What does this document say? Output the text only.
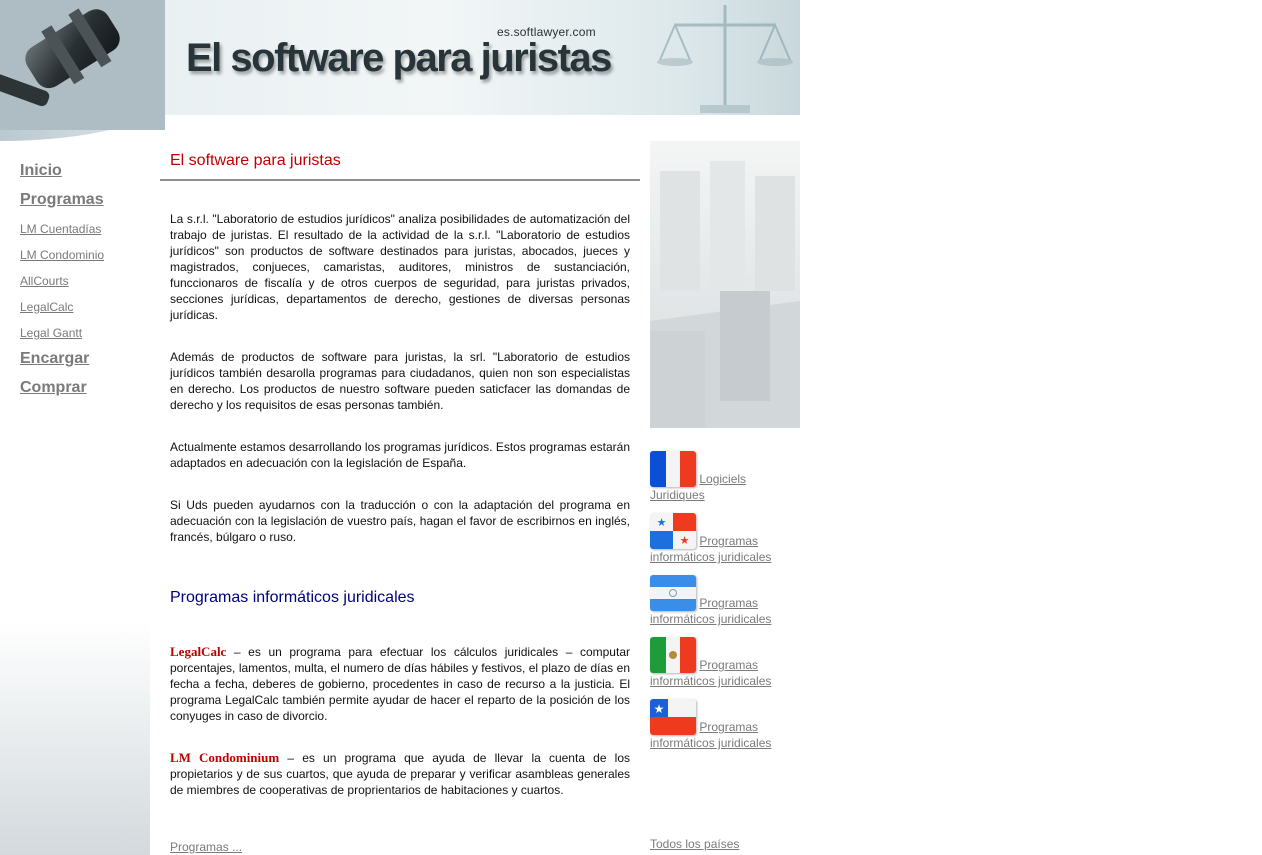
es.softlawyer.com
El software para juristas
Inicio
Programas
LM Cuentadías
LM Condominio
AllCourts
LegalCalc
Legal Gantt
Encargar
Comprar
El software para juristas

La s.r.l. "Laboratorio de estudios jurídicos" analiza posibilidades de automatización del trabajo de juristas. El resultado de la actividad de la s.r.l. "Laboratorio de estudios jurídicos" son productos de software destinados para juristas, abocados, jueces y magistrados, conjueces, camaristas, auditores, ministros de sustanciación, funccionaros de fiscalía y de otros cuerpos de seguridad, para juristas privados, secciones jurídicas, departamentos de derecho, gestiones de diversas personas jurídicas.

Además de productos de software para juristas, la srl. "Laboratorio de estudios jurídicos también desarolla programas para ciudadanos, quien non son especialistas en derecho. Los productos de nuestro software pueden saticfacer las domandas de derecho y los requisitos de esas personas también.

Actualmente estamos desarrollando los programas jurídicos. Estos programas estarán adaptados en adecuación con la legislación de España.

Si Uds pueden ayudarnos con la traducción o con la adaptación del programa en adecuación con la legislación de vuestro país, hagan el favor de escribirnos en inglés, francés, búlgaro o ruso.

Programas informáticos juridicales

LegalCalc – es un programa para efectuar los cálculos juridicales – computar porcentajes, lamentos, multa, el numero de días hábiles y festivos, el plazo de días en fecha a fecha, deberes de gobierno, procedentes in caso de recurso a la justicia. El programa LegalCalc también permite ayudar de hacer el reparto de la posición de los conyuges in caso de divorcio.

LM Condominium – es un programa que ayuda de llevar la cuenta de los propietarios y de sus cuartos, que ayuda de preparar y verificar asambleas generales de miembres de cooperativas de proprientarios de habitaciones y cuartos.

Programas ...
Logiciels
Juridiques
★
★ Programas
informáticos juridicales
Programas
informáticos juridicales
Programas
informáticos juridicales
★
Programas
informáticos juridicales
Todos los países
